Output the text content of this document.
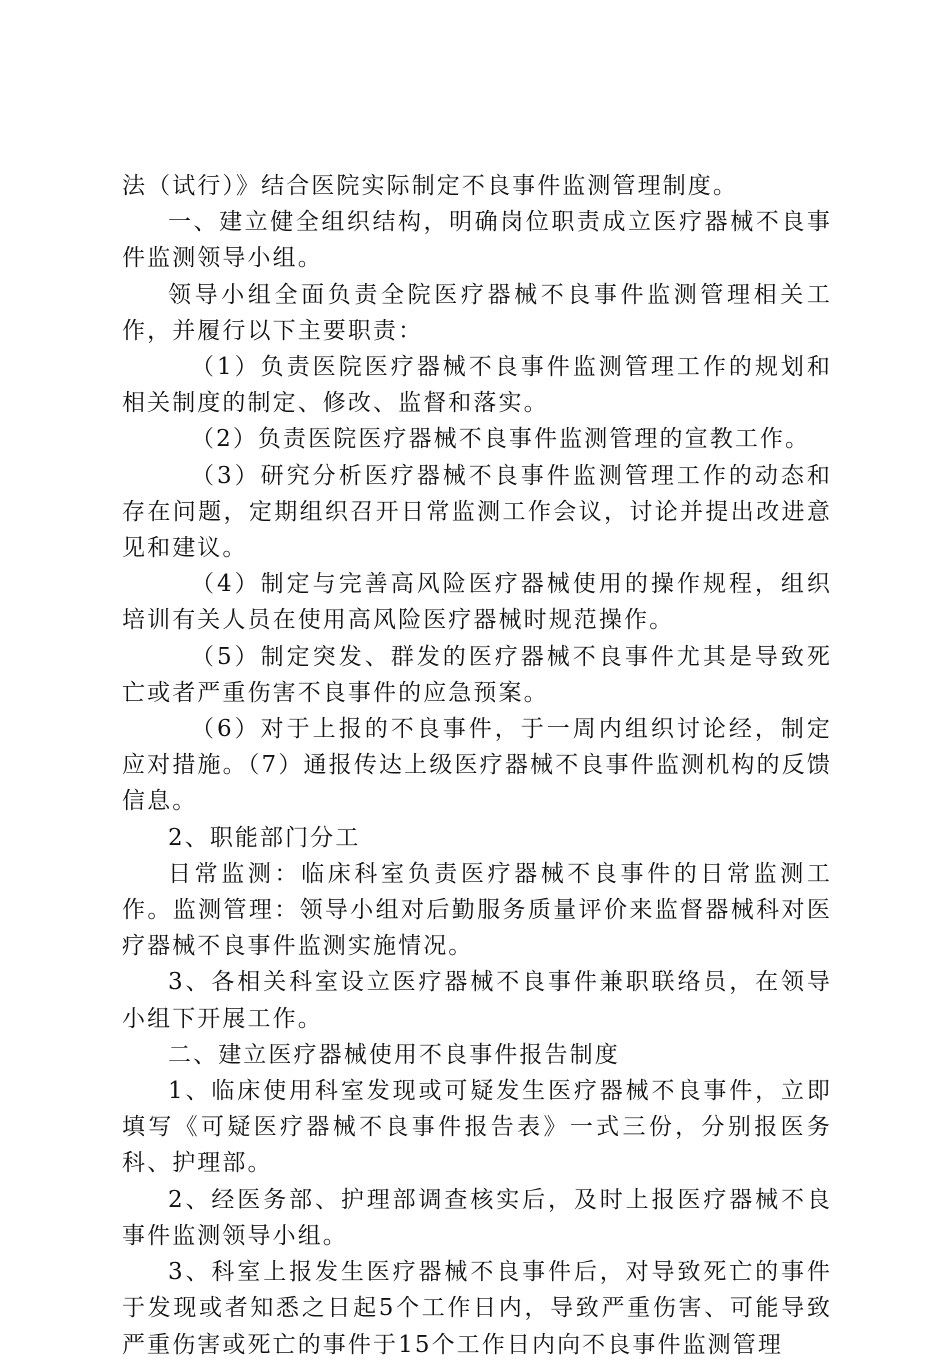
法（试行）》结合医院实际制定不良事件监测管理制度。

一、建立健全组织结构，明确岗位职责成立医疗器械不良事件监测领导小组。

领导小组全面负责全院医疗器械不良事件监测管理相关工作，并履行以下主要职责：

（1）负责医院医疗器械不良事件监测管理工作的规划和相关制度的制定、修改、监督和落实。

（2）负责医院医疗器械不良事件监测管理的宣教工作。

（3）研究分析医疗器械不良事件监测管理工作的动态和存在问题，定期组织召开日常监测工作会议，讨论并提出改进意见和建议。

（4）制定与完善高风险医疗器械使用的操作规程，组织培训有关人员在使用高风险医疗器械时规范操作。

（5）制定突发、群发的医疗器械不良事件尤其是导致死亡或者严重伤害不良事件的应急预案。

（6）对于上报的不良事件，于一周内组织讨论经，制定应对措施。（7）通报传达上级医疗器械不良事件监测机构的反馈信息。

2、职能部门分工

日常监测：临床科室负责医疗器械不良事件的日常监测工作。监测管理：领导小组对后勤服务质量评价来监督器械科对医疗器械不良事件监测实施情况。

3、各相关科室设立医疗器械不良事件兼职联络员，在领导小组下开展工作。

二、建立医疗器械使用不良事件报告制度

1、临床使用科室发现或可疑发生医疗器械不良事件，立即填写《可疑医疗器械不良事件报告表》一式三份，分别报医务科、护理部。

2、经医务部、护理部调查核实后，及时上报医疗器械不良事件监测领导小组。

3、科室上报发生医疗器械不良事件后，对导致死亡的事件于发现或者知悉之日起5个工作日内，导致严重伤害、可能导致严重伤害或死亡的事件于15个工作日内向不良事件监测管理
